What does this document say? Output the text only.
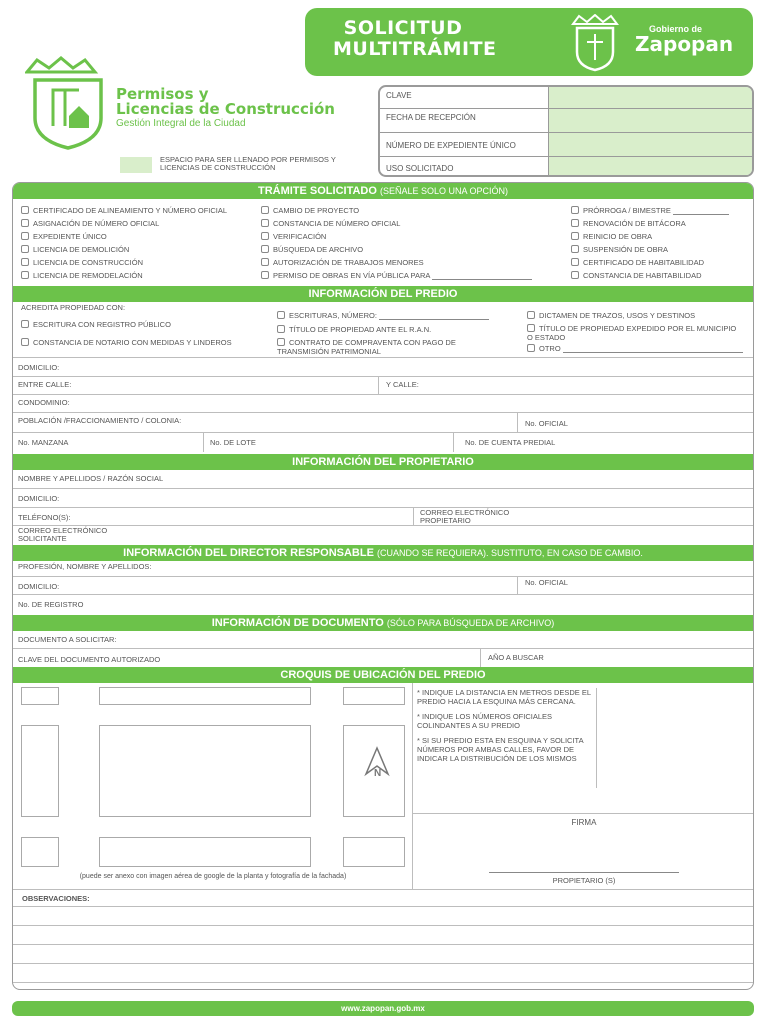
SOLICITUD
MULTITRÁMITE
Gobierno de
Zapopan
Permisos y
Licencias de Construcción
Gestión Integral de la Ciudad
CLAVE
FECHA DE RECEPCIÓN
NÚMERO DE EXPEDIENTE ÚNICO
USO SOLICITADO
ESPACIO PARA SER LLENADO POR PERMISOS Y LICENCIAS DE CONSTRUCCIÓN
TRÁMITE SOLICITADO (SEÑALE SOLO UNA OPCIÓN)
CERTIFICADO DE ALINEAMIENTO Y NÚMERO OFICIAL
ASIGNACIÓN DE NÚMERO OFICIAL
EXPEDIENTE ÚNICO
LICENCIA DE DEMOLICIÓN
LICENCIA DE CONSTRUCCIÓN
LICENCIA DE REMODELACIÓN
CAMBIO DE PROYECTO
CONSTANCIA DE NÚMERO OFICIAL
VERIFICACIÓN
BÚSQUEDA DE ARCHIVO
AUTORIZACIÓN DE TRABAJOS MENORES
PERMISO DE OBRAS EN VÍA PÚBLICA PARA
PRÓRROGA / BIMESTRE
RENOVACIÓN DE BITÁCORA
REINICIO DE OBRA
SUSPENSIÓN DE OBRA
CERTIFICADO DE HABITABILIDAD
CONSTANCIA DE HABITABILIDAD
INFORMACIÓN DEL PREDIO
ACREDITA PROPIEDAD CON:
ESCRITURA CON REGISTRO PÚBLICO
CONSTANCIA DE NOTARIO CON MEDIDAS Y LINDEROS
ESCRITURAS, NÚMERO:
TÍTULO DE PROPIEDAD ANTE EL R.A.N.
CONTRATO DE COMPRAVENTA CON PAGO DE TRANSMISIÓN PATRIMONIAL
DICTAMEN DE TRAZOS, USOS Y DESTINOS
TÍTULO DE PROPIEDAD EXPEDIDO POR EL MUNICIPIO O ESTADO
OTRO
DOMICILIO:
ENTRE CALLE:	Y CALLE:
CONDOMINIO:
POBLACIÓN /FRACCIONAMIENTO / COLONIA:	No. OFICIAL
No. MANZANA	No. DE LOTE	No. DE CUENTA PREDIAL
INFORMACIÓN DEL PROPIETARIO
NOMBRE Y APELLIDOS / RAZÓN SOCIAL
DOMICILIO:
TELÉFONO(S):
CORREO ELECTRÓNICO PROPIETARIO
CORREO ELECTRÓNICO SOLICITANTE
INFORMACIÓN DEL DIRECTOR RESPONSABLE (CUANDO SE REQUIERA). SUSTITUTO, EN CASO DE CAMBIO.
PROFESIÓN, NOMBRE Y APELLIDOS:
DOMICILIO:	No. OFICIAL
No. DE REGISTRO
INFORMACIÓN DE DOCUMENTO (SÓLO PARA BÚSQUEDA DE ARCHIVO)
DOCUMENTO A SOLICITAR:
CLAVE DEL DOCUMENTO AUTORIZADO	AÑO A BUSCAR
CROQUIS DE UBICACIÓN DEL PREDIO
N
(puede ser anexo con imagen aérea de google de la planta y fotografía de la fachada)

* INDIQUE LA DISTANCIA EN METROS DESDE EL PREDIO HACIA LA ESQUINA MÁS CERCANA.

* INDIQUE LOS NÚMEROS OFICIALES COLINDANTES A SU PREDIO

* SI SU PREDIO ESTA EN ESQUINA Y SOLICITA NÚMEROS POR AMBAS CALLES, FAVOR DE INDICAR LA DISTRIBUCIÓN DE LOS MISMOS

FIRMA
PROPIETARIO (S)
OBSERVACIONES:
www.zapopan.gob.mx
